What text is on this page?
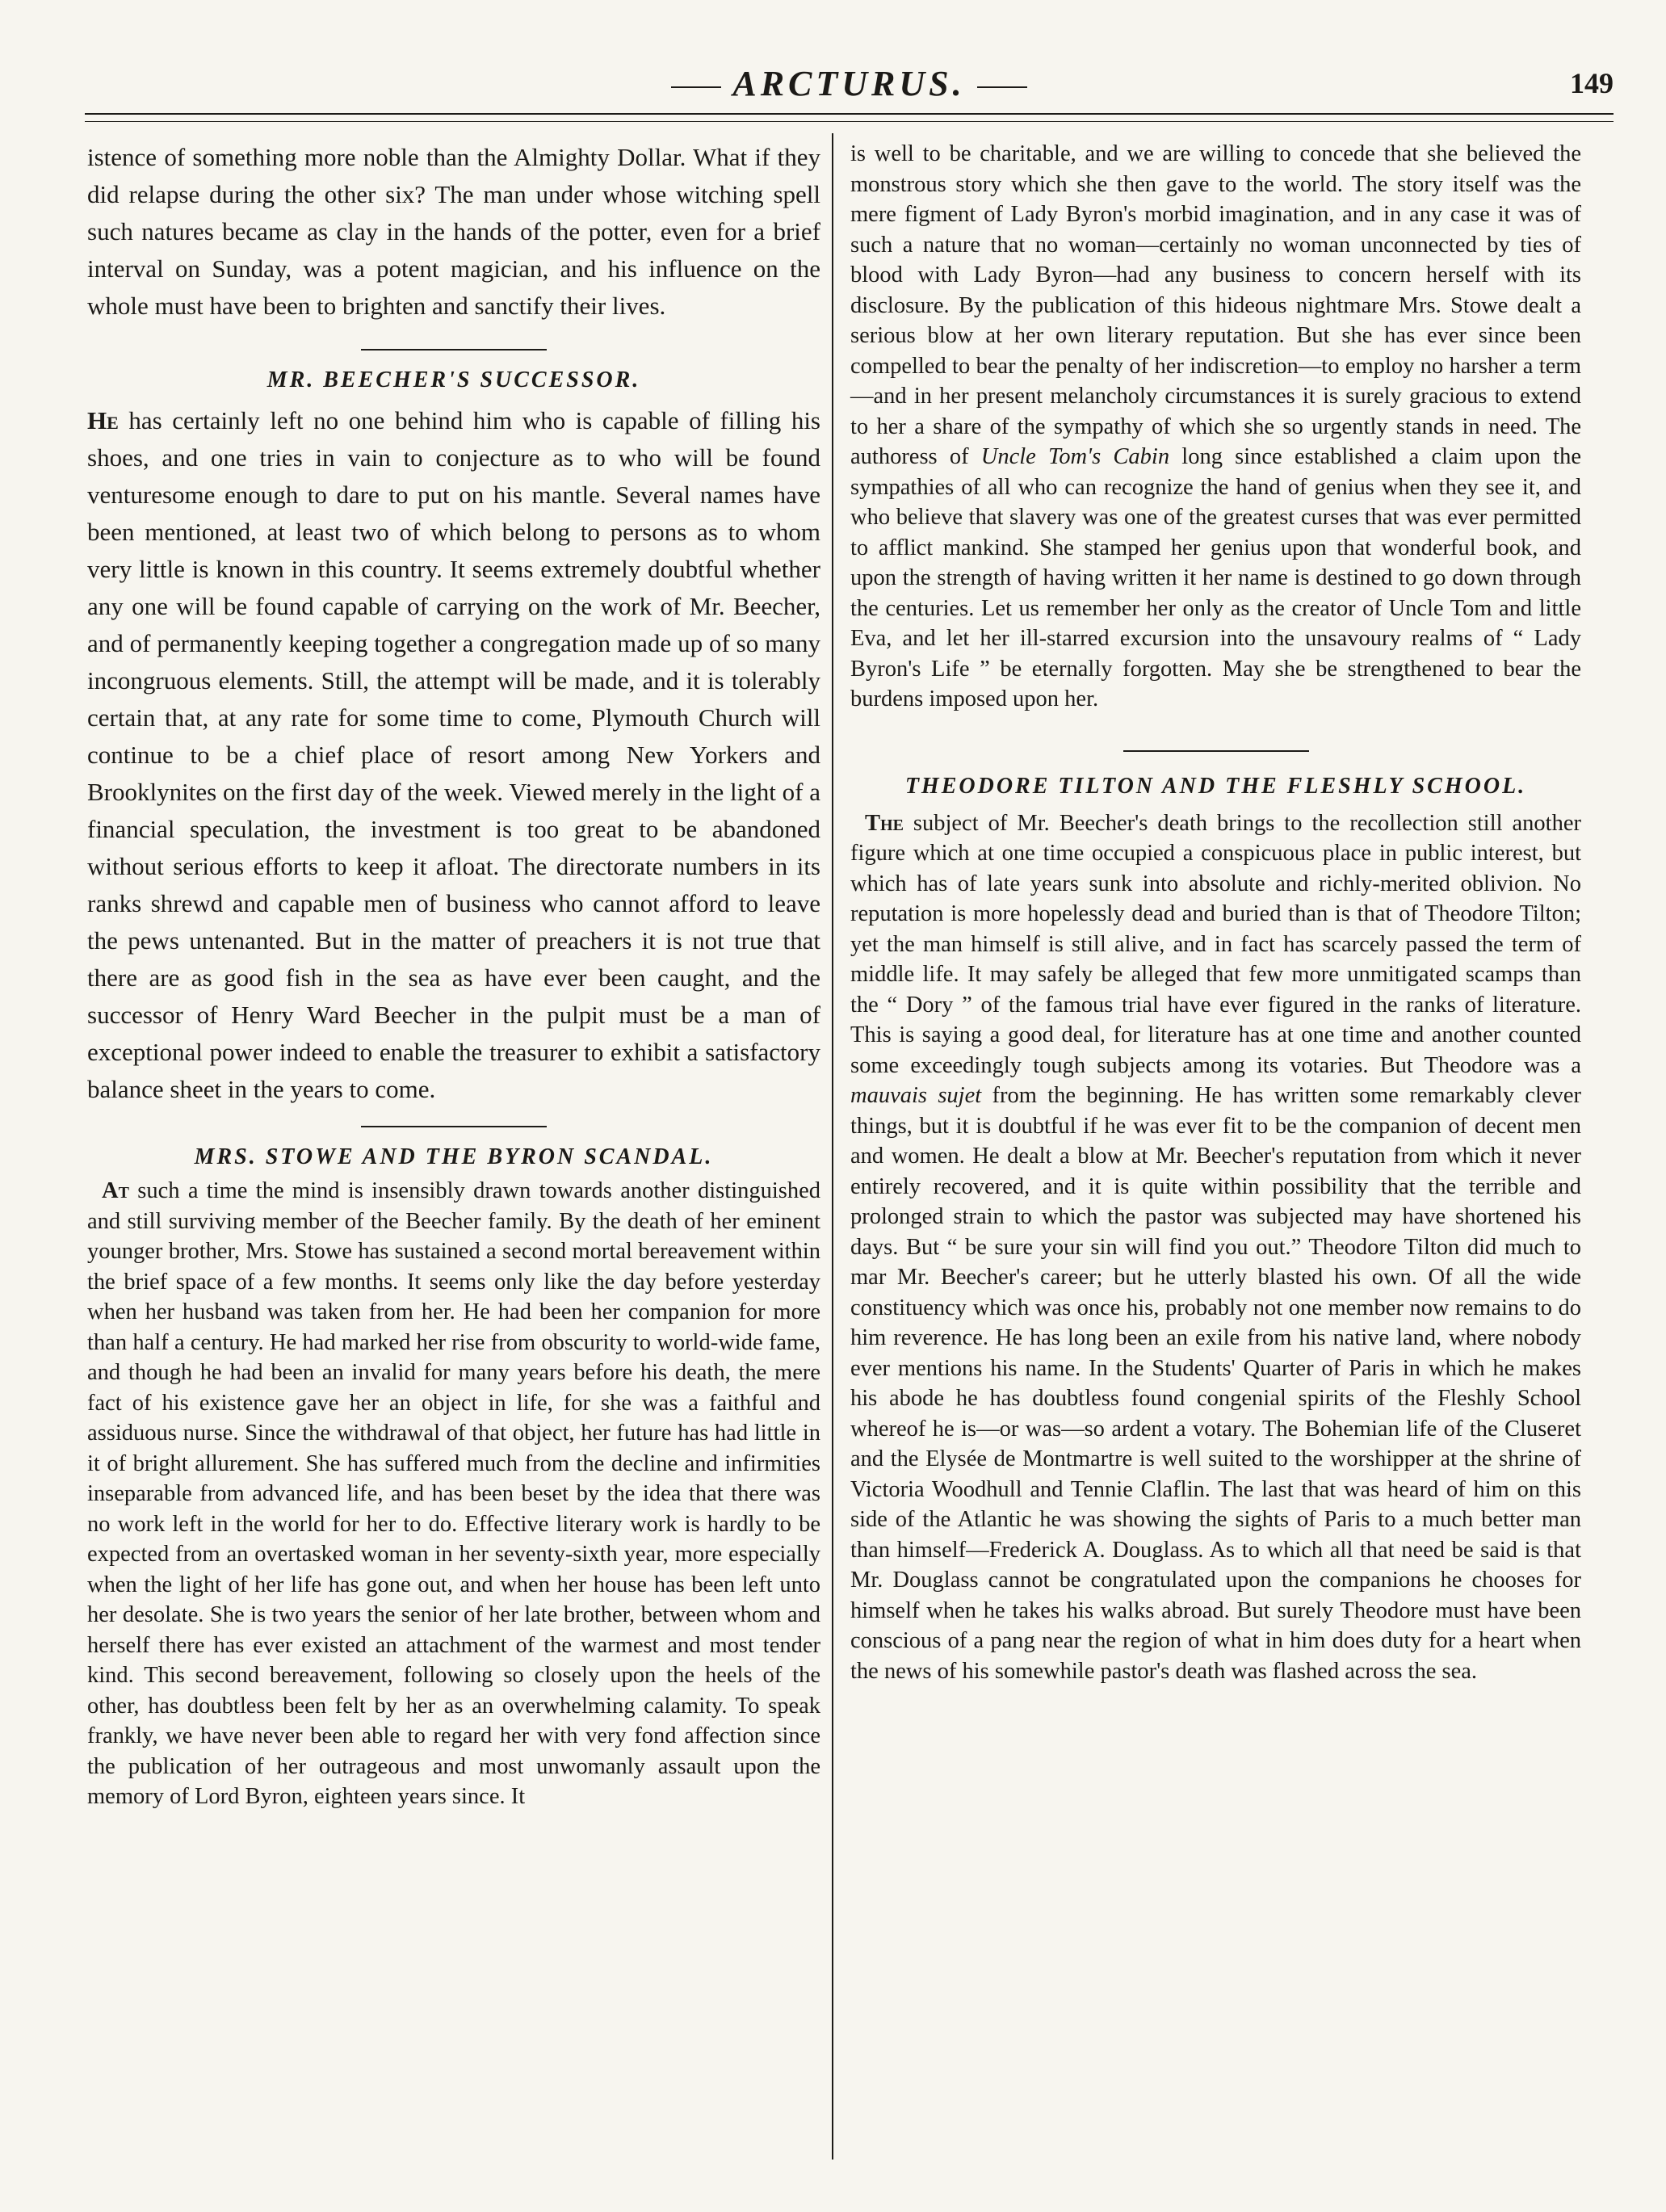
ARCTURUS.	149

istence of something more noble than the Almighty Dollar. What if they did relapse during the other six? The man under whose witching spell such natures became as clay in the hands of the potter, even for a brief interval on Sunday, was a potent magician, and his influence on the whole must have been to brighten and sanctify their lives.

MR. BEECHER'S SUCCESSOR.

He has certainly left no one behind him who is capable of filling his shoes, and one tries in vain to conjecture as to who will be found venturesome enough to dare to put on his mantle. Several names have been mentioned, at least two of which belong to persons as to whom very little is known in this country. It seems extremely doubtful whether any one will be found capable of carrying on the work of Mr. Beecher, and of permanently keeping together a congregation made up of so many incongruous elements. Still, the attempt will be made, and it is tolerably certain that, at any rate for some time to come, Plymouth Church will continue to be a chief place of resort among New Yorkers and Brooklynites on the first day of the week. Viewed merely in the light of a financial speculation, the investment is too great to be abandoned without serious efforts to keep it afloat. The directorate numbers in its ranks shrewd and capable men of business who cannot afford to leave the pews untenanted. But in the matter of preachers it is not true that there are as good fish in the sea as have ever been caught, and the successor of Henry Ward Beecher in the pulpit must be a man of exceptional power indeed to enable the treasurer to exhibit a satisfactory balance sheet in the years to come.

MRS. STOWE AND THE BYRON SCANDAL.

At such a time the mind is insensibly drawn towards another distinguished and still surviving member of the Beecher family. By the death of her eminent younger brother, Mrs. Stowe has sustained a second mortal bereavement within the brief space of a few months. It seems only like the day before yesterday when her husband was taken from her. He had been her companion for more than half a century. He had marked her rise from obscurity to world-wide fame, and though he had been an invalid for many years before his death, the mere fact of his existence gave her an object in life, for she was a faithful and assiduous nurse. Since the withdrawal of that object, her future has had little in it of bright allurement. She has suffered much from the decline and infirmities inseparable from advanced life, and has been beset by the idea that there was no work left in the world for her to do. Effective literary work is hardly to be expected from an overtasked woman in her seventy-sixth year, more especially when the light of her life has gone out, and when her house has been left unto her desolate. She is two years the senior of her late brother, between whom and herself there has ever existed an attachment of the warmest and most tender kind. This second bereavement, following so closely upon the heels of the other, has doubtless been felt by her as an overwhelming calamity. To speak frankly, we have never been able to regard her with very fond affection since the publication of her outrageous and most unwomanly assault upon the memory of Lord Byron, eighteen years since. It

is well to be charitable, and we are willing to concede that she believed the monstrous story which she then gave to the world. The story itself was the mere figment of Lady Byron's morbid imagination, and in any case it was of such a nature that no woman—certainly no woman unconnected by ties of blood with Lady Byron—had any business to concern herself with its disclosure. By the publication of this hideous nightmare Mrs. Stowe dealt a serious blow at her own literary reputation. But she has ever since been compelled to bear the penalty of her indiscretion—to employ no harsher a term—and in her present melancholy circumstances it is surely gracious to extend to her a share of the sympathy of which she so urgently stands in need. The authoress of Uncle Tom's Cabin long since established a claim upon the sympathies of all who can recognize the hand of genius when they see it, and who believe that slavery was one of the greatest curses that was ever permitted to afflict mankind. She stamped her genius upon that wonderful book, and upon the strength of having written it her name is destined to go down through the centuries. Let us remember her only as the creator of Uncle Tom and little Eva, and let her ill-starred excursion into the unsavoury realms of “ Lady Byron's Life ” be eternally forgotten. May she be strengthened to bear the burdens imposed upon her.

THEODORE TILTON AND THE FLESHLY SCHOOL.

The subject of Mr. Beecher's death brings to the recollection still another figure which at one time occupied a conspicuous place in public interest, but which has of late years sunk into absolute and richly-merited oblivion. No reputation is more hopelessly dead and buried than is that of Theodore Tilton; yet the man himself is still alive, and in fact has scarcely passed the term of middle life. It may safely be alleged that few more unmitigated scamps than the “ Dory ” of the famous trial have ever figured in the ranks of literature. This is saying a good deal, for literature has at one time and another counted some exceedingly tough subjects among its votaries. But Theodore was a mauvais sujet from the beginning. He has written some remarkably clever things, but it is doubtful if he was ever fit to be the companion of decent men and women. He dealt a blow at Mr. Beecher's reputation from which it never entirely recovered, and it is quite within possibility that the terrible and prolonged strain to which the pastor was subjected may have shortened his days. But “ be sure your sin will find you out.” Theodore Tilton did much to mar Mr. Beecher's career; but he utterly blasted his own. Of all the wide constituency which was once his, probably not one member now remains to do him reverence. He has long been an exile from his native land, where nobody ever mentions his name. In the Students' Quarter of Paris in which he makes his abode he has doubtless found congenial spirits of the Fleshly School whereof he is—or was—so ardent a votary. The Bohemian life of the Cluseret and the Elysée de Montmartre is well suited to the worshipper at the shrine of Victoria Woodhull and Tennie Claflin. The last that was heard of him on this side of the Atlantic he was showing the sights of Paris to a much better man than himself—Frederick A. Douglass. As to which all that need be said is that Mr. Douglass cannot be congratulated upon the companions he chooses for himself when he takes his walks abroad. But surely Theodore must have been conscious of a pang near the region of what in him does duty for a heart when the news of his somewhile pastor's death was flashed across the sea.
